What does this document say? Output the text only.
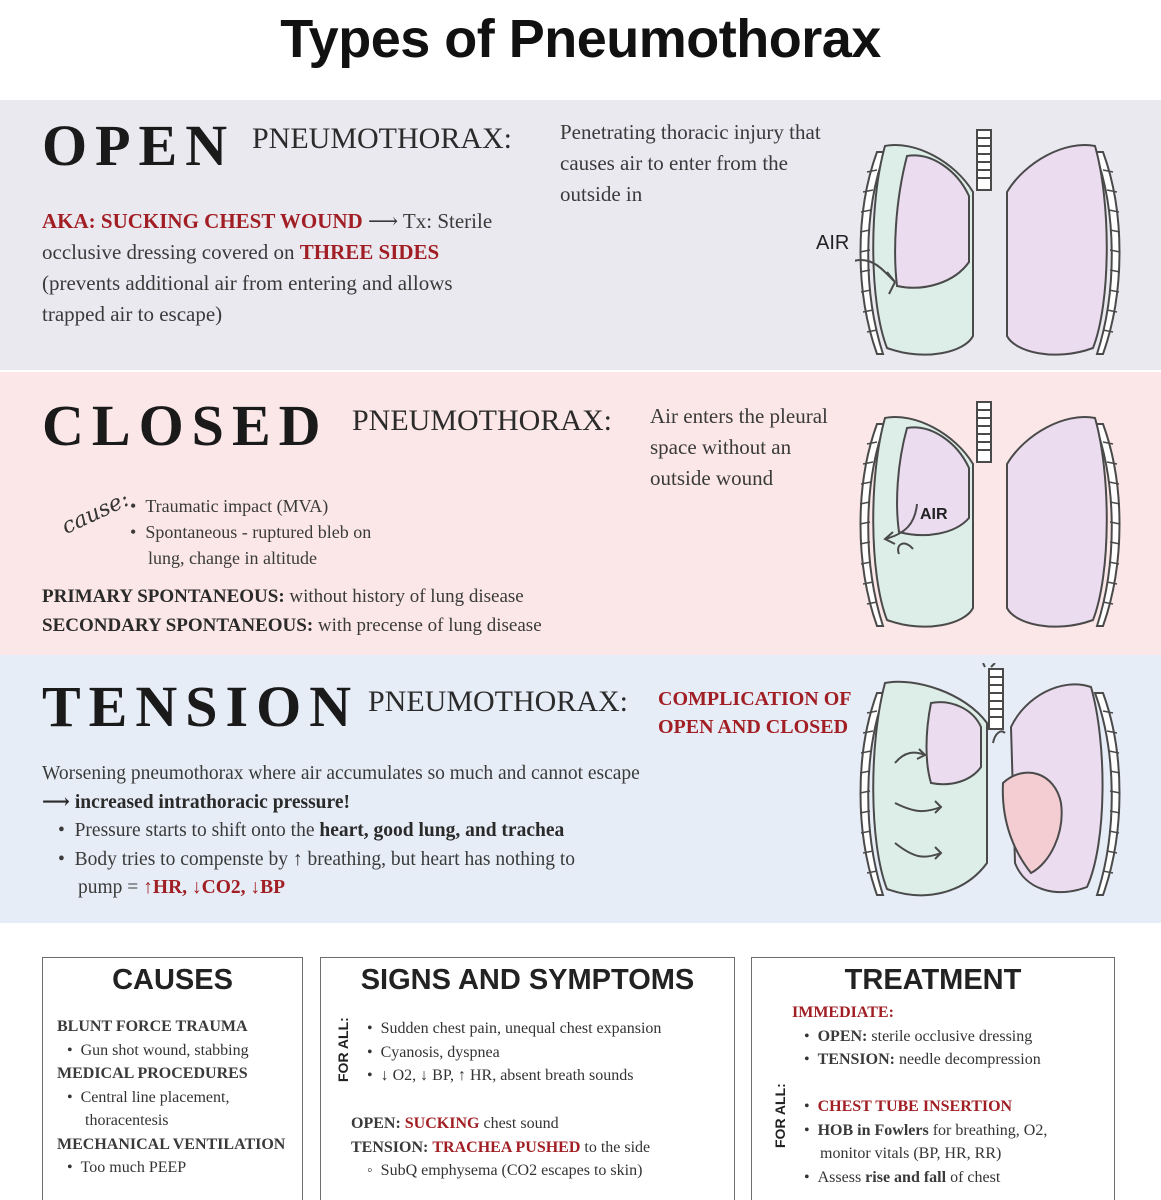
Types of Pneumothorax
OPEN PNEUMOTHORAX: Penetrating thoracic injury that
causes air to enter from the
outside in
AKA: SUCKING CHEST WOUND ⟶ Tx: Sterile
occlusive dressing covered on THREE SIDES
(prevents additional air from entering and allows
trapped air to escape)
AIR
CLOSED PNEUMOTHORAX: Air enters the pleural
space without an
outside wound
cause:
•  Traumatic impact (MVA)
•  Spontaneous - ruptured bleb on
lung, change in altitude
PRIMARY SPONTANEOUS: without history of lung disease
SECONDARY SPONTANEOUS: with precense of lung disease
AIR
TENSION PNEUMOTHORAX: COMPLICATION OF
OPEN AND CLOSED
Worsening pneumothorax where air accumulates so much and cannot escape
⟶ increased intrathoracic pressure!
•  Pressure starts to shift onto the heart, good lung, and trachea
•  Body tries to compenste by ↑ breathing, but heart has nothing to
pump = ↑HR, ↓CO2, ↓BP
CAUSES
BLUNT FORCE TRAUMA
•  Gun shot wound, stabbing
MEDICAL PROCEDURES
•  Central line placement,
thoracentesis
MECHANICAL VENTILATION
•  Too much PEEP
SIGNS AND SYMPTOMS
FOR ALL: •  Sudden chest pain, unequal chest expansion
•  Cyanosis, dyspnea
•  ↓ O2, ↓ BP, ↑ HR, absent breath sounds
OPEN: SUCKING chest sound
TENSION: TRACHEA PUSHED to the side
◦  SubQ emphysema (CO2 escapes to skin)
TREATMENT
IMMEDIATE:
•  OPEN: sterile occlusive dressing
•  TENSION: needle decompression
FOR ALL: •  CHEST TUBE INSERTION
•  HOB in Fowlers for breathing, O2,
monitor vitals (BP, HR, RR)
•  Assess rise and fall of chest
